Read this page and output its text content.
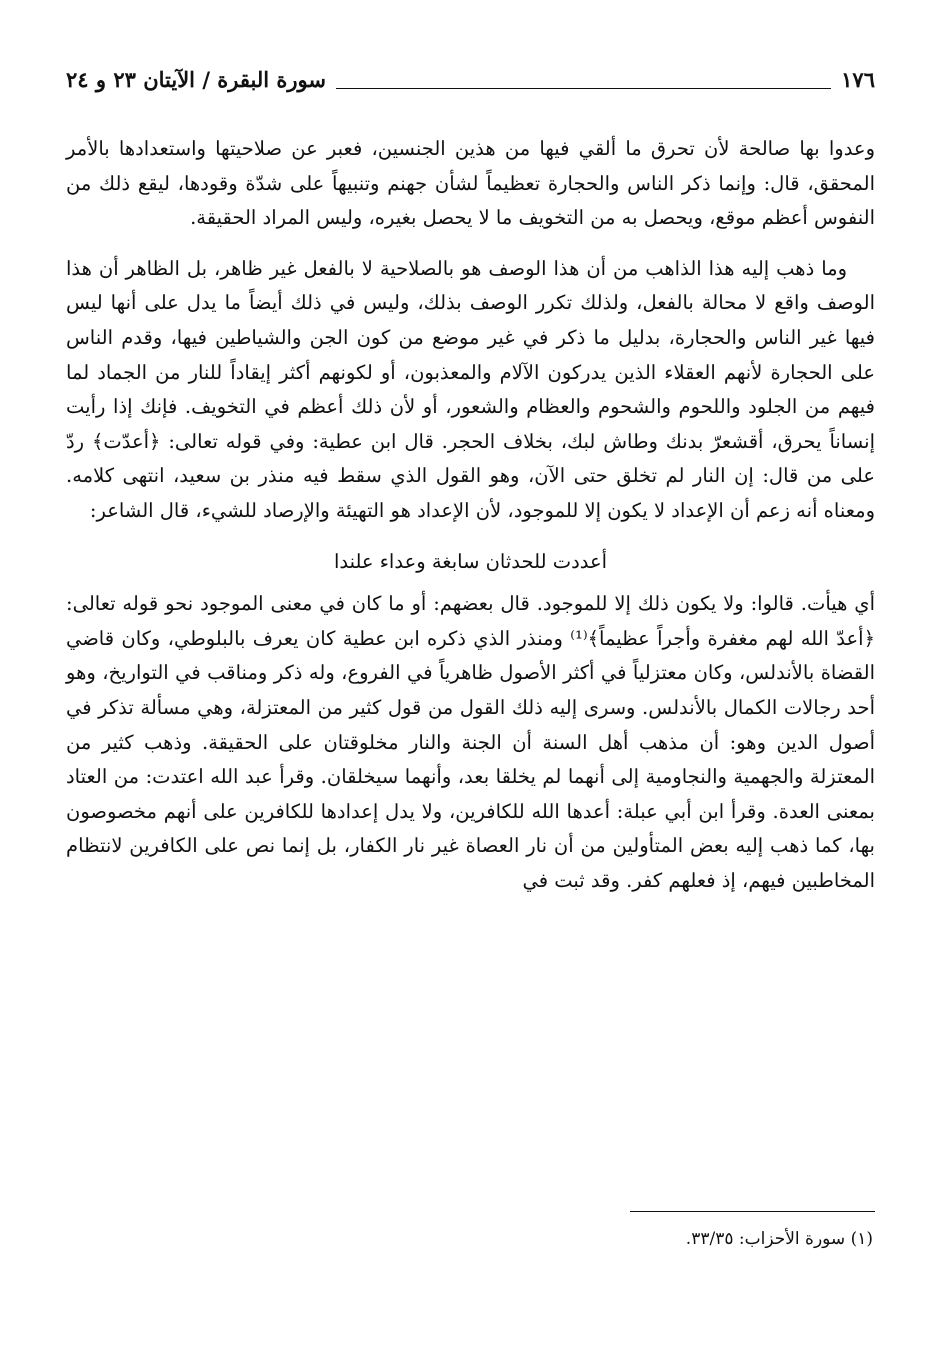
١٧٦
سورة البقرة / الآيتان ٢٣ و ٢٤

وعدوا بها صالحة لأن تحرق ما ألقي فيها من هذين الجنسين، فعبر عن صلاحيتها واستعدادها بالأمر المحقق، قال: وإنما ذكر الناس والحجارة تعظيماً لشأن جهنم وتنبيهاً على شدّة وقودها، ليقع ذلك من النفوس أعظم موقع، ويحصل به من التخويف ما لا يحصل بغيره، وليس المراد الحقيقة.

وما ذهب إليه هذا الذاهب من أن هذا الوصف هو بالصلاحية لا بالفعل غير ظاهر، بل الظاهر أن هذا الوصف واقع لا محالة بالفعل، ولذلك تكرر الوصف بذلك، وليس في ذلك أيضاً ما يدل على أنها ليس فيها غير الناس والحجارة، بدليل ما ذكر في غير موضع من كون الجن والشياطين فيها، وقدم الناس على الحجارة لأنهم العقلاء الذين يدركون الآلام والمعذبون، أو لكونهم أكثر إيقاداً للنار من الجماد لما فيهم من الجلود واللحوم والشحوم والعظام والشعور، أو لأن ذلك أعظم في التخويف. فإنك إذا رأيت إنساناً يحرق، أقشعرّ بدنك وطاش لبك، بخلاف الحجر. قال ابن عطية: وفي قوله تعالى: ﴿أعدّت﴾ ردّ على من قال: إن النار لم تخلق حتى الآن، وهو القول الذي سقط فيه منذر بن سعيد، انتهى كلامه. ومعناه أنه زعم أن الإعداد لا يكون إلا للموجود، لأن الإعداد هو التهيئة والإرصاد للشيء، قال الشاعر:

أعددت للحدثان سابغة وعداء علندا

أي هيأت. قالوا: ولا يكون ذلك إلا للموجود. قال بعضهم: أو ما كان في معنى الموجود نحو قوله تعالى: ﴿أعدّ الله لهم مغفرة وأجراً عظيماً﴾⁽¹⁾ ومنذر الذي ذكره ابن عطية كان يعرف بالبلوطي، وكان قاضي القضاة بالأندلس، وكان معتزلياً في أكثر الأصول ظاهرياً في الفروع، وله ذكر ومناقب في التواريخ، وهو أحد رجالات الكمال بالأندلس. وسرى إليه ذلك القول من قول كثير من المعتزلة، وهي مسألة تذكر في أصول الدين وهو: أن مذهب أهل السنة أن الجنة والنار مخلوقتان على الحقيقة. وذهب كثير من المعتزلة والجهمية والنجاومية إلى أنهما لم يخلقا بعد، وأنهما سيخلقان. وقرأ عبد الله اعتدت: من العتاد بمعنى العدة. وقرأ ابن أبي عبلة: أعدها الله للكافرين، ولا يدل إعدادها للكافرين على أنهم مخصوصون بها، كما ذهب إليه بعض المتأولين من أن نار العصاة غير نار الكفار، بل إنما نص على الكافرين لانتظام المخاطبين فيهم، إذ فعلهم كفر. وقد ثبت في

(١) سورة الأحزاب: ٣٣/٣٥.
